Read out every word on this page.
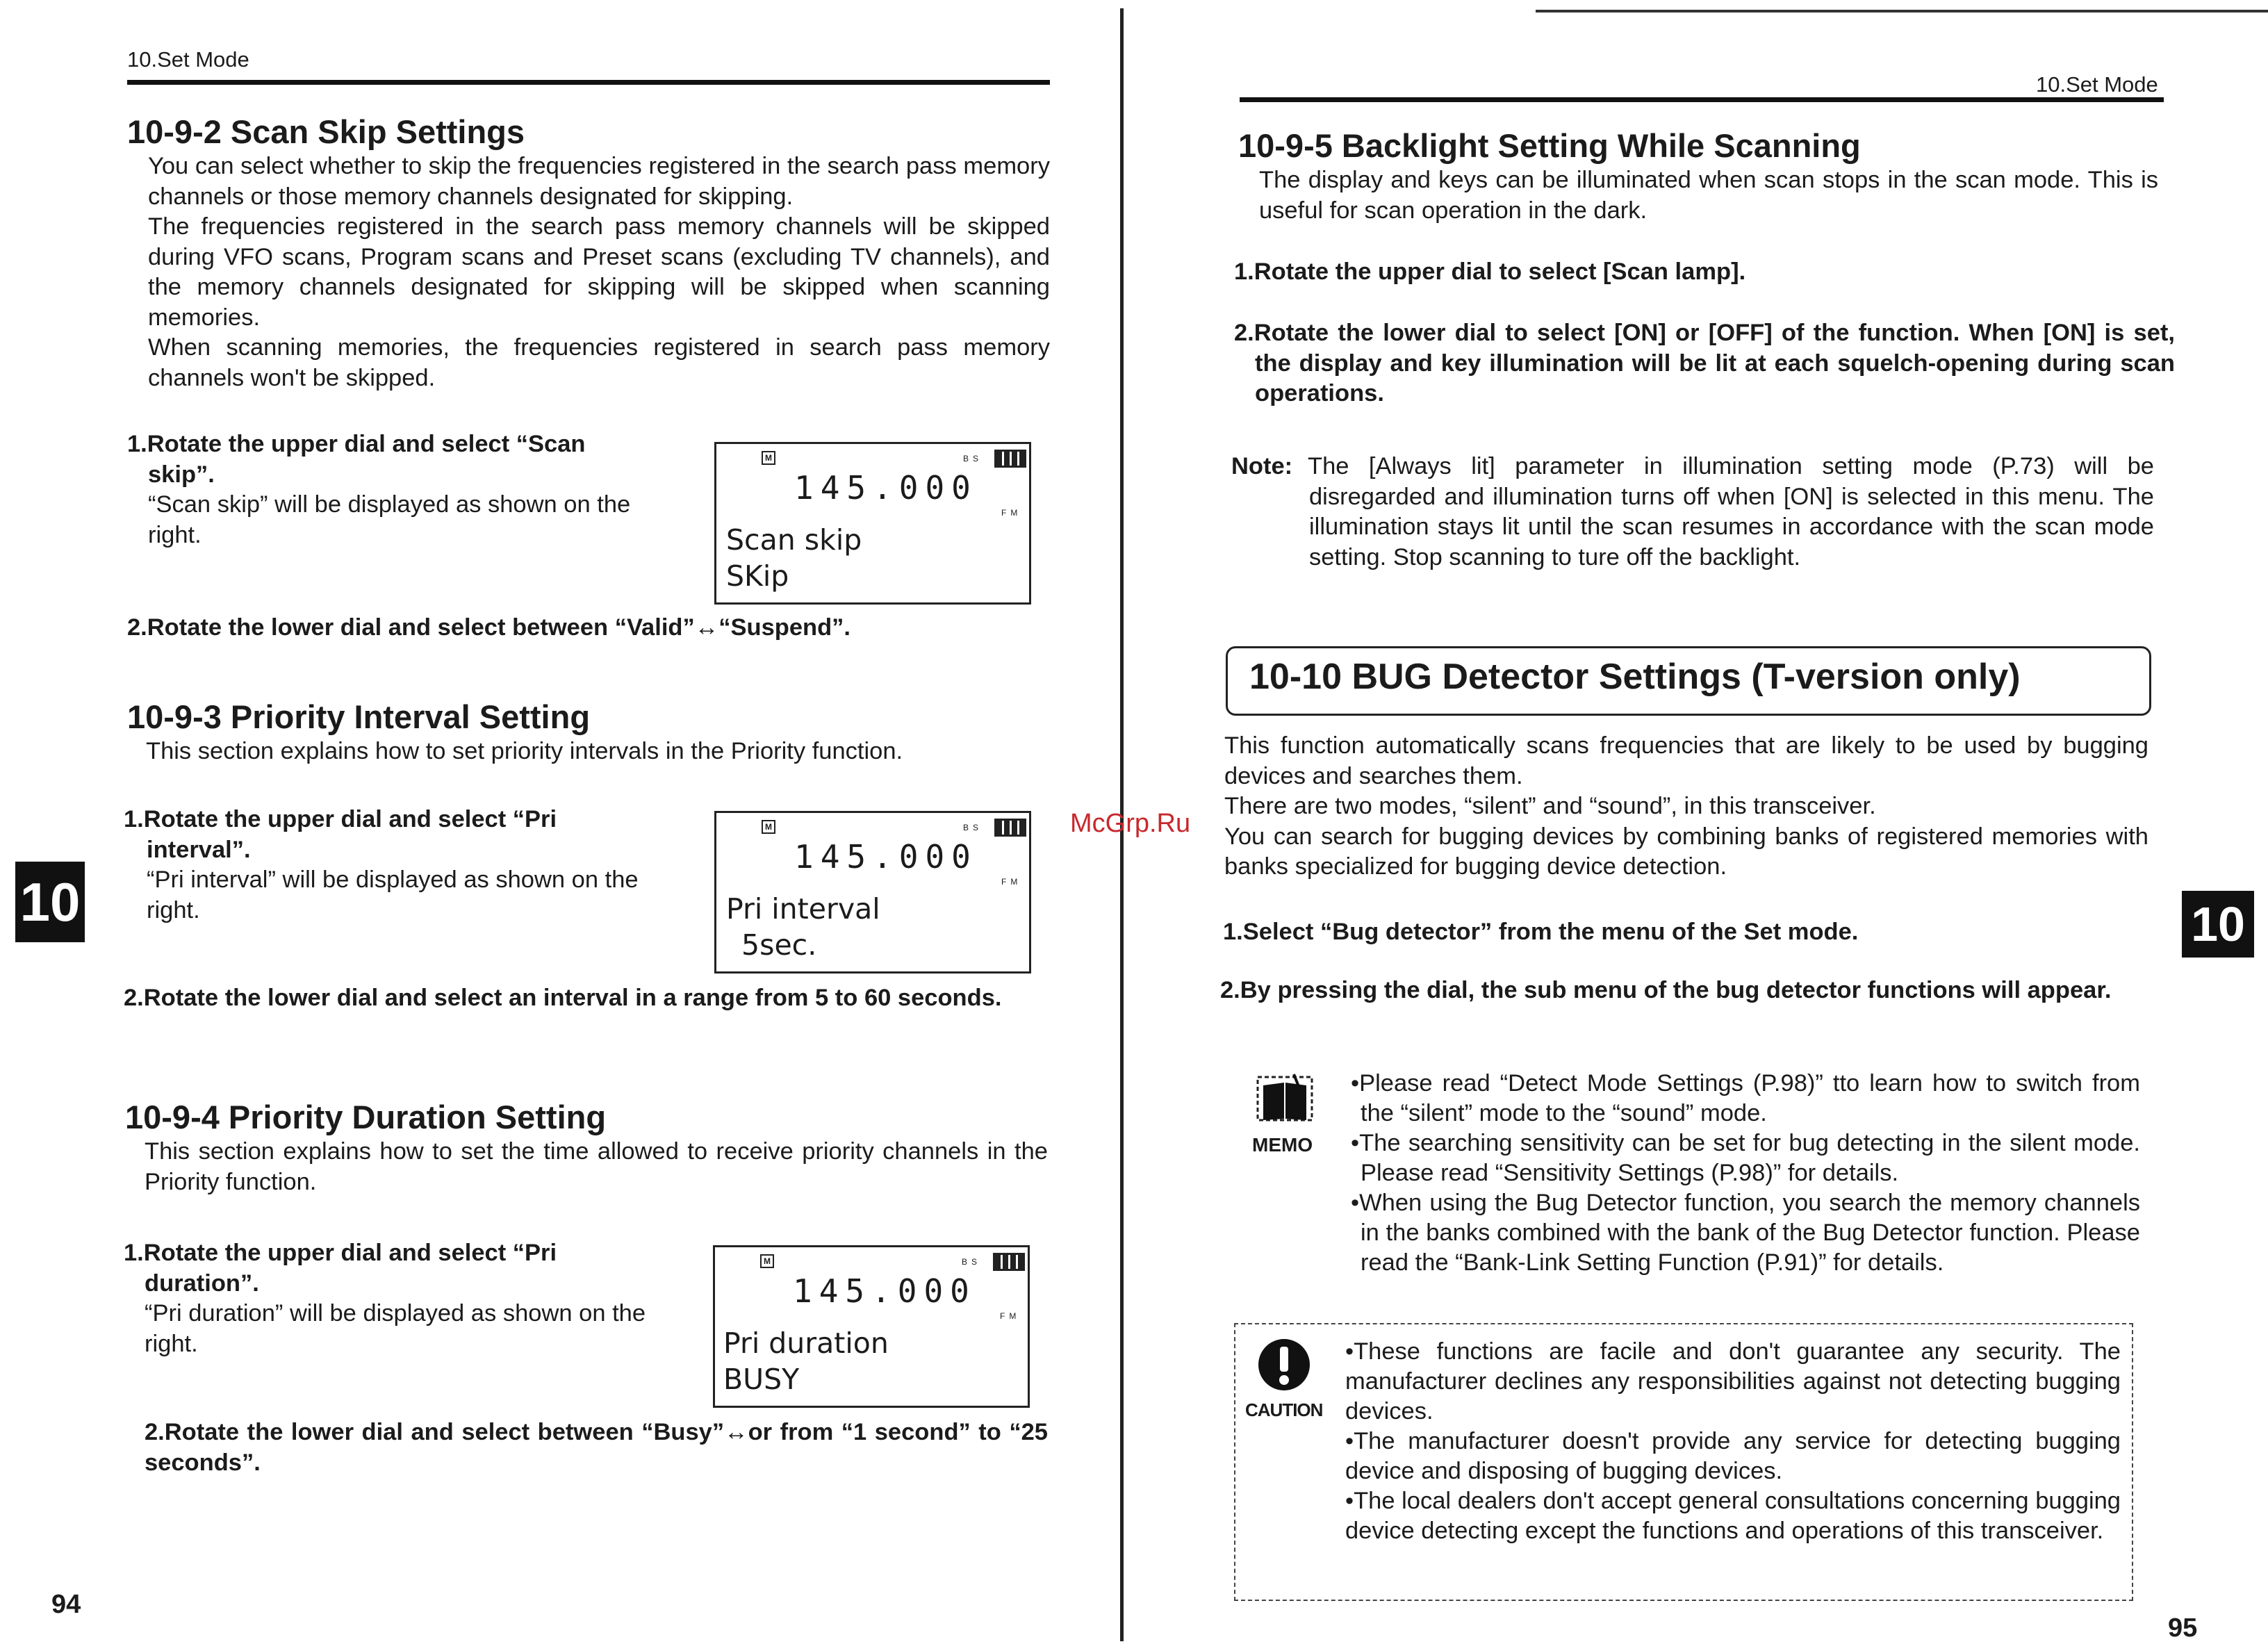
10.Set Mode
10-9-2 Scan Skip Settings
You can select whether to skip the frequencies registered in the search pass memory channels or those memory channels designated for skipping.
The frequencies registered in the search pass memory channels will be skipped during VFO scans, Program scans and Preset scans (excluding TV channels), and the memory channels designated for skipping will be skipped when scanning memories.
When scanning memories, the frequencies registered in search pass memory channels won't be skipped.
1.Rotate the upper dial and select “Scan skip”.
“Scan skip” will be displayed as shown on the right.
M	BS
145.000
FM
Scan skip
SKip
2.Rotate the lower dial and select between “Valid”↔“Suspend”.
10-9-3 Priority Interval Setting
This section explains how to set priority intervals in the Priority function.
1.Rotate the upper dial and select “Pri interval”.
“Pri interval” will be displayed as shown on the right.
M	BS
145.000
FM
Pri interval
5sec.
2.Rotate the lower dial and select an interval in a range from 5 to 60 seconds.
10-9-4 Priority Duration Setting
This section explains how to set the time allowed to receive priority channels in the Priority function.
1.Rotate the upper dial and select “Pri duration”.
“Pri duration” will be displayed as shown on the right.
M	BS
145.000
FM
Pri duration
BUSY
2.Rotate the lower dial and select between “Busy”↔or from “1 second” to “25 seconds”.
10
94
10.Set Mode
10-9-5 Backlight Setting While Scanning
The display and keys can be illuminated when scan stops in the scan mode. This is useful for scan operation in the dark.
1.Rotate the upper dial to select [Scan lamp].
2.Rotate the lower dial to select [ON] or [OFF] of the function. When [ON] is set, the display and key illumination will be lit at each squelch-opening during scan operations.
Note: The [Always lit] parameter in illumination setting mode (P.73) will be disregarded and illumination turns off when [ON] is selected in this menu. The illumination stays lit until the scan resumes in accordance with the scan mode setting. Stop scanning to ture off the backlight.
10-10 BUG Detector Settings (T-version only)
This function automatically scans frequencies that are likely to be used by bugging devices and searches them.
There are two modes, “silent” and “sound”, in this transceiver.
You can search for bugging devices by combining banks of registered memories with banks specialized for bugging device detection.
1.Select “Bug detector” from the menu of the Set mode.
2.By pressing the dial, the sub menu of the bug detector functions will appear.
MEMO
•Please read “Detect Mode Settings (P.98)” tto learn how to switch from the “silent” mode to the “sound” mode.
•The searching sensitivity can be set for bug detecting in the silent mode. Please read “Sensitivity Settings (P.98)” for details.
•When using the Bug Detector function, you search the memory channels in the banks combined with the bank of the Bug Detector function. Please read the “Bank-Link Setting Function (P.91)” for details.
CAUTION
•These functions are facile and don't guarantee any security. The manufacturer declines any responsibilities against not detecting bugging devices.
•The manufacturer doesn't provide any service for detecting bugging device and disposing of bugging devices.
•The local dealers don't accept general consultations concerning bugging device detecting except the functions and operations of this transceiver.
10
95
McGrp.Ru
